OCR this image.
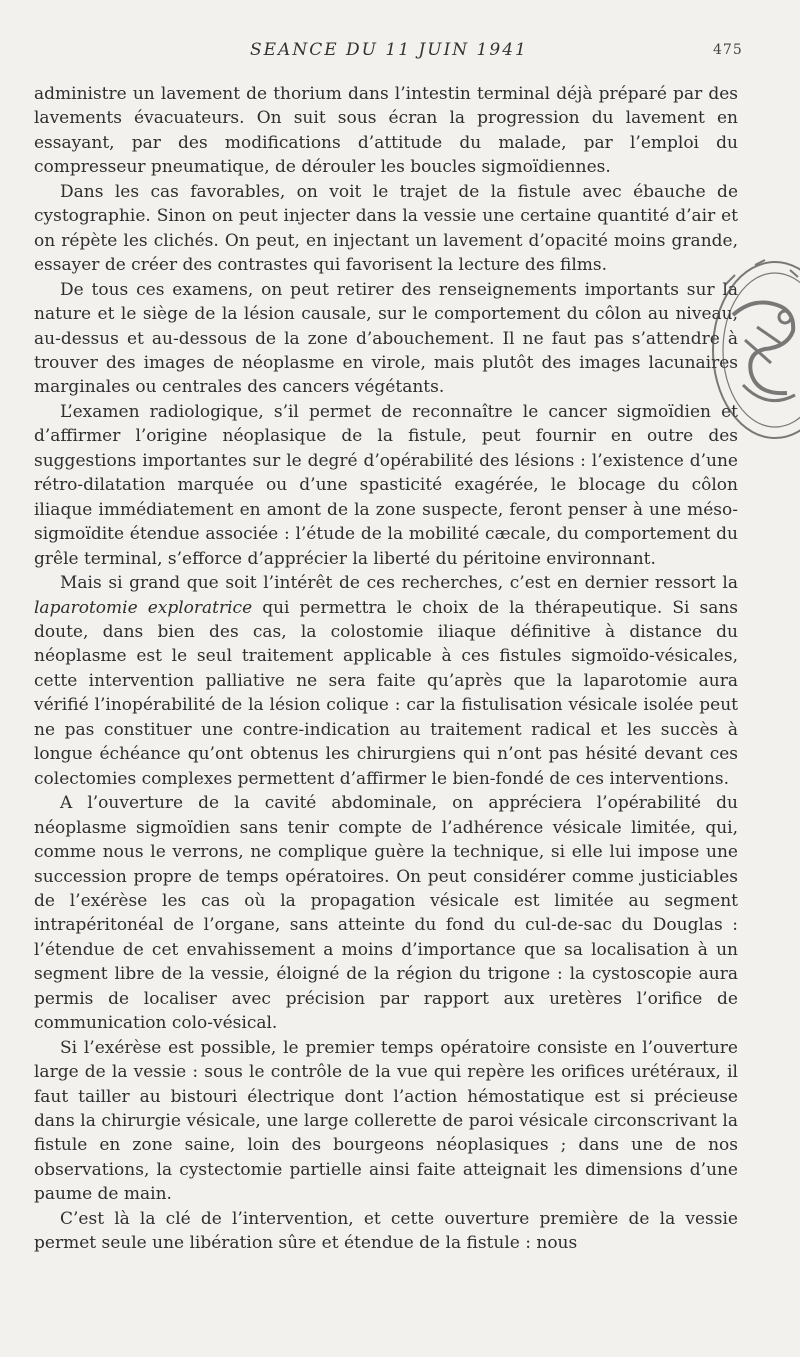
SEANCE DU 11 JUIN 1941	475

administre un lavement de thorium dans l’intestin terminal déjà préparé par des lavements évacuateurs. On suit sous écran la progression du lavement en essayant, par des modifications d’attitude du malade, par l’emploi du compresseur pneumatique, de dérouler les boucles sigmoïdiennes.

Dans les cas favorables, on voit le trajet de la fistule avec ébauche de cystographie. Sinon on peut injecter dans la vessie une certaine quantité d’air et on répète les clichés. On peut, en injectant un lavement d’opacité moins grande, essayer de créer des contrastes qui favorisent la lecture des films.

De tous ces examens, on peut retirer des renseignements importants sur la nature et le siège de la lésion causale, sur le comportement du côlon au niveau, au-dessus et au-dessous de la zone d’abouchement. Il ne faut pas s’attendre à trouver des images de néoplasme en virole, mais plutôt des images lacunaires marginales ou centrales des cancers végétants.

L’examen radiologique, s’il permet de reconnaître le cancer sigmoïdien et d’affirmer l’origine néoplasique de la fistule, peut fournir en outre des suggestions importantes sur le degré d’opérabilité des lésions : l’existence d’une rétro-dilatation marquée ou d’une spasticité exagérée, le blocage du côlon iliaque immédiatement en amont de la zone suspecte, feront penser à une méso-sigmoïdite étendue associée : l’étude de la mobilité cæcale, du comportement du grêle terminal, s’efforce d’apprécier la liberté du péritoine environnant.

Mais si grand que soit l’intérêt de ces recherches, c’est en dernier ressort la laparotomie exploratrice qui permettra le choix de la thérapeutique. Si sans doute, dans bien des cas, la colostomie iliaque définitive à distance du néoplasme est le seul traitement applicable à ces fistules sigmoïdo-vésicales, cette intervention palliative ne sera faite qu’après que la laparotomie aura vérifié l’inopérabilité de la lésion colique : car la fistulisation vésicale isolée peut ne pas constituer une contre-indication au traitement radical et les succès à longue échéance qu’ont obtenus les chirurgiens qui n’ont pas hésité devant ces colectomies complexes permettent d’affirmer le bien-fondé de ces interventions.

A l’ouverture de la cavité abdominale, on appréciera l’opérabilité du néoplasme sigmoïdien sans tenir compte de l’adhérence vésicale limitée, qui, comme nous le verrons, ne complique guère la technique, si elle lui impose une succession propre de temps opératoires. On peut considérer comme justiciables de l’exérèse les cas où la propagation vésicale est limitée au segment intrapéritonéal de l’organe, sans atteinte du fond du cul-de-sac du Douglas : l’étendue de cet envahissement a moins d’importance que sa localisation à un segment libre de la vessie, éloigné de la région du trigone : la cystoscopie aura permis de localiser avec précision par rapport aux uretères l’orifice de communication colo-vésical.

Si l’exérèse est possible, le premier temps opératoire consiste en l’ouverture large de la vessie : sous le contrôle de la vue qui repère les orifices urétéraux, il faut tailler au bistouri électrique dont l’action hémostatique est si précieuse dans la chirurgie vésicale, une large collerette de paroi vésicale circonscrivant la fistule en zone saine, loin des bourgeons néoplasiques ; dans une de nos observations, la cystectomie partielle ainsi faite atteignait les dimensions d’une paume de main.

C’est là la clé de l’intervention, et cette ouverture première de la vessie permet seule une libération sûre et étendue de la fistule : nous
